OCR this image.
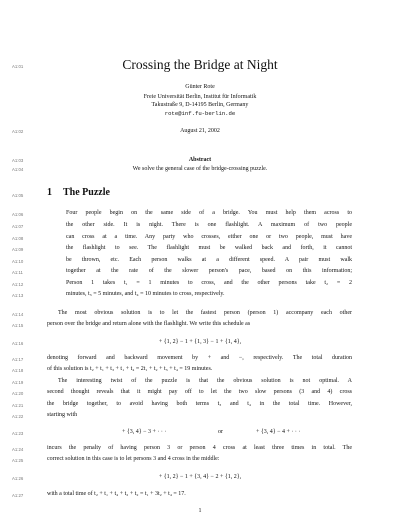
A1:01	Crossing the Bridge at Night
Günter Rote
Freie Universität Berlin, Institut für Informatik
Takustraße 9, D-14195 Berlin, Germany
rote@inf.fu-berlin.de
A1:02	August 21, 2002
A1:03	Abstract
A1:04	We solve the general case of the bridge-crossing puzzle.
A1:05 1 The Puzzle
A1:06	Four people begin on the same side of a bridge. You must help them across to
A1:07	the other side. It is night. There is one flashlight. A maximum of two people
A1:08	can cross at a time. Any party who crosses, either one or two people, must have
A1:09	the flashlight to see. The flashlight must be walked back and forth, it cannot
A1:10	be thrown, etc. Each person walks at a different speed. A pair must walk
A1:11	together at the rate of the slower person's pace, based on this information;
A1:12	Person 1 takes t₁ = 1 minutes to cross, and the other persons take t₂ = 2
A1:13	minutes, t₃ = 5 minutes, and t₄ = 10 minutes to cross, respectively.
A1:14	The most obvious solution is to let the fastest person (person 1) accompany each other
A1:15	person over the bridge and return alone with the flashlight. We write this schedule as
A1:16	+ {1, 2} − 1 + {1, 3} − 1 + {1, 4},
A1:17	denoting forward and backward movement by + and −, respectively. The total duration
A1:18	of this solution is t₂ + t₁ + t₃ + t₁ + t₄ = 2t₁ + t₂ + t₃ + t₄ = 19 minutes.
A1:19	The interesting twist of the puzzle is that the obvious solution is not optimal. A
A1:20	second thought reveals that it might pay off to let the two slow persons (3 and 4) cross
A1:21	the bridge together, to avoid having both terms t₃ and t₄ in the total time. However,
A1:22	starting with
A1:23	+ {3, 4} − 3 + · · ·	or	+ {3, 4} − 4 + · · ·
A1:24	incurs the penalty of having person 3 or person 4 cross at least three times in total. The
A1:25	correct solution in this case is to let persons 3 and 4 cross in the middle:
A1:26	+ {1, 2} − 1 + {3, 4} − 2 + {1, 2},
A1:27	with a total time of t₂ + t₁ + t₄ + t₂ + t₂ = t₁ + 3t₂ + t₄ = 17.
1
